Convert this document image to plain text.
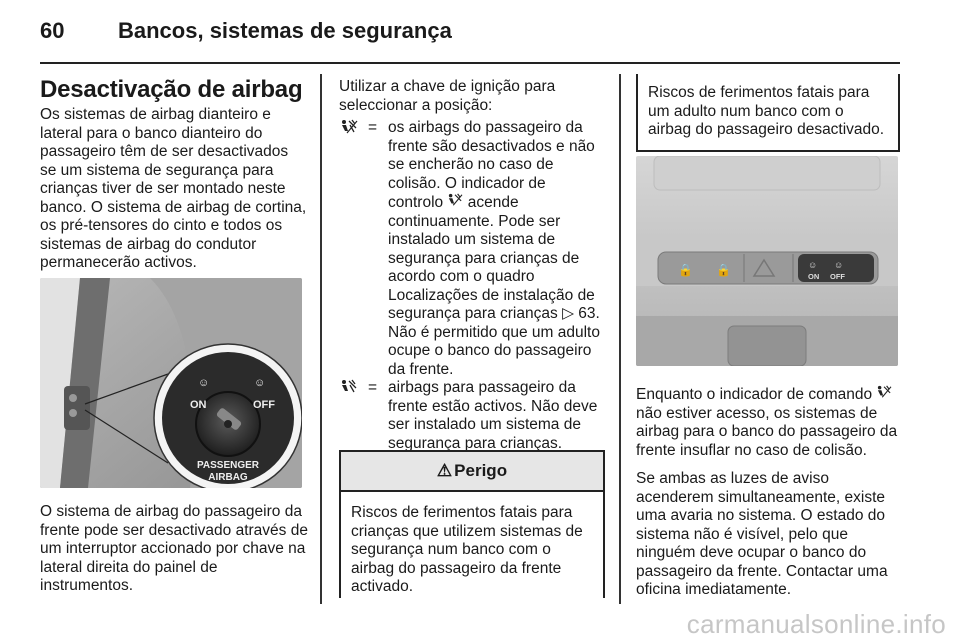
60 Bancos, sistemas de segurança
Desactivação de airbag

Os sistemas de airbag dianteiro e lateral para o banco dianteiro do passageiro têm de ser desactivados se um sistema de segurança para crianças tiver de ser montado neste banco. O sistema de airbag de cortina, os pré-tensores do cinto e todos os sistemas de airbag do condutor permanecerão activos.

☺	☺
ON	OFF
PASSENGER
AIRBAG

O sistema de airbag do passageiro da frente pode ser desactivado através de um interruptor accionado por chave na lateral direita do painel de instrumentos.

Utilizar a chave de ignição para seleccionar a posição:

= os airbags do passageiro da frente são desactivados e não se encherão no caso de colisão. O indicador de controlo acende continuamente. Pode ser instalado um sistema de segurança para crianças de acordo com o quadro Localizações de instalação de segurança para crianças ▷ 63. Não é permitido que um adulto ocupe o banco do passageiro da frente.
= airbags para passageiro da frente estão activos. Não deve ser instalado um sistema de segurança para crianças.
⚠ Perigo
Riscos de ferimentos fatais para crianças que utilizem sistemas de segurança num banco com o airbag do passageiro da frente activado.
Riscos de ferimentos fatais para um adulto num banco com o airbag do passageiro desactivado.
🔒 🔒	☺ ☺
ON OFF

Enquanto o indicador de comando  não estiver acesso, os sistemas de airbag para o banco do passageiro da frente insuflar no caso de colisão.

Se ambas as luzes de aviso acenderem simultaneamente, existe uma avaria no sistema. O estado do sistema não é visível, pelo que ninguém deve ocupar o banco do passageiro da frente. Contactar uma oficina imediatamente.

carmanualsonline.info
